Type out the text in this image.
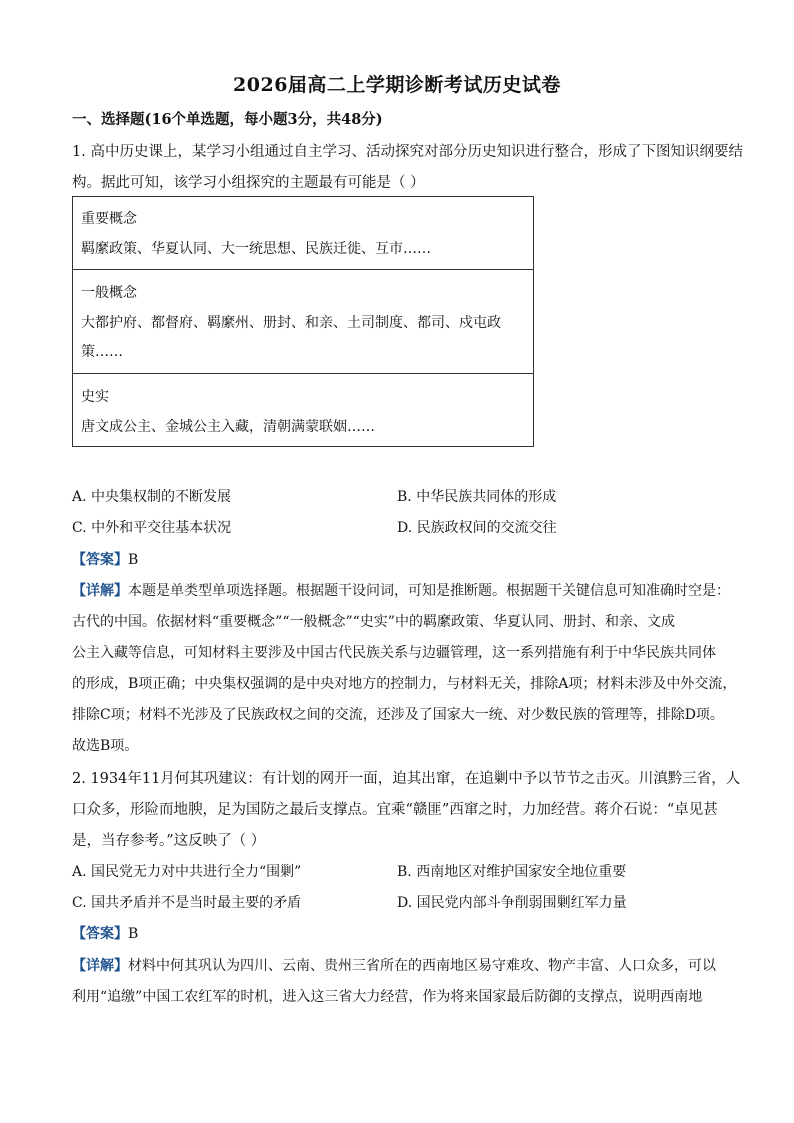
2026届高二上学期诊断考试历史试卷
一、选择题(16个单选题，每小题3分，共48分)
1. 高中历史课上，某学习小组通过自主学习、活动探究对部分历史知识进行整合，形成了下图知识纲要结
构。据此可知，该学习小组探究的主题最有可能是（ ）
重要概念
羁縻政策、华夏认同、大一统思想、民族迁徙、互市……
一般概念
大都护府、都督府、羁縻州、册封、和亲、土司制度、都司、戍屯政
策……
史实
唐文成公主、金城公主入藏，清朝满蒙联姻……
A. 中央集权制的不断发展	B. 中华民族共同体的形成
C. 中外和平交往基本状况	D. 民族政权间的交流交往
【答案】B
【详解】本题是单类型单项选择题。根据题干设问词，可知是推断题。根据题干关键信息可知准确时空是：
古代的中国。依据材料“重要概念”“一般概念”“史实”中的羁縻政策、华夏认同、册封、和亲、文成
公主入藏等信息，可知材料主要涉及中国古代民族关系与边疆管理，这一系列措施有利于中华民族共同体
的形成，B项正确；中央集权强调的是中央对地方的控制力，与材料无关，排除A项；材料未涉及中外交流，
排除C项；材料不光涉及了民族政权之间的交流，还涉及了国家大一统、对少数民族的管理等，排除D项。
故选B项。
2. 1934年11月何其巩建议：有计划的网开一面，迫其出窜，在追剿中予以节节之击灭。川滇黔三省，人
口众多，形险而地腴，足为国防之最后支撑点。宜乘“赣匪”西窜之时，力加经营。蒋介石说：“卓见甚
是，当存参考。”这反映了（ ）
A. 国民党无力对中共进行全力“围剿”	B. 西南地区对维护国家安全地位重要
C. 国共矛盾并不是当时最主要的矛盾	D. 国民党内部斗争削弱围剿红军力量
【答案】B
【详解】材料中何其巩认为四川、云南、贵州三省所在的西南地区易守难攻、物产丰富、人口众多，可以
利用“追缴”中国工农红军的时机，进入这三省大力经营，作为将来国家最后防御的支撑点，说明西南地
